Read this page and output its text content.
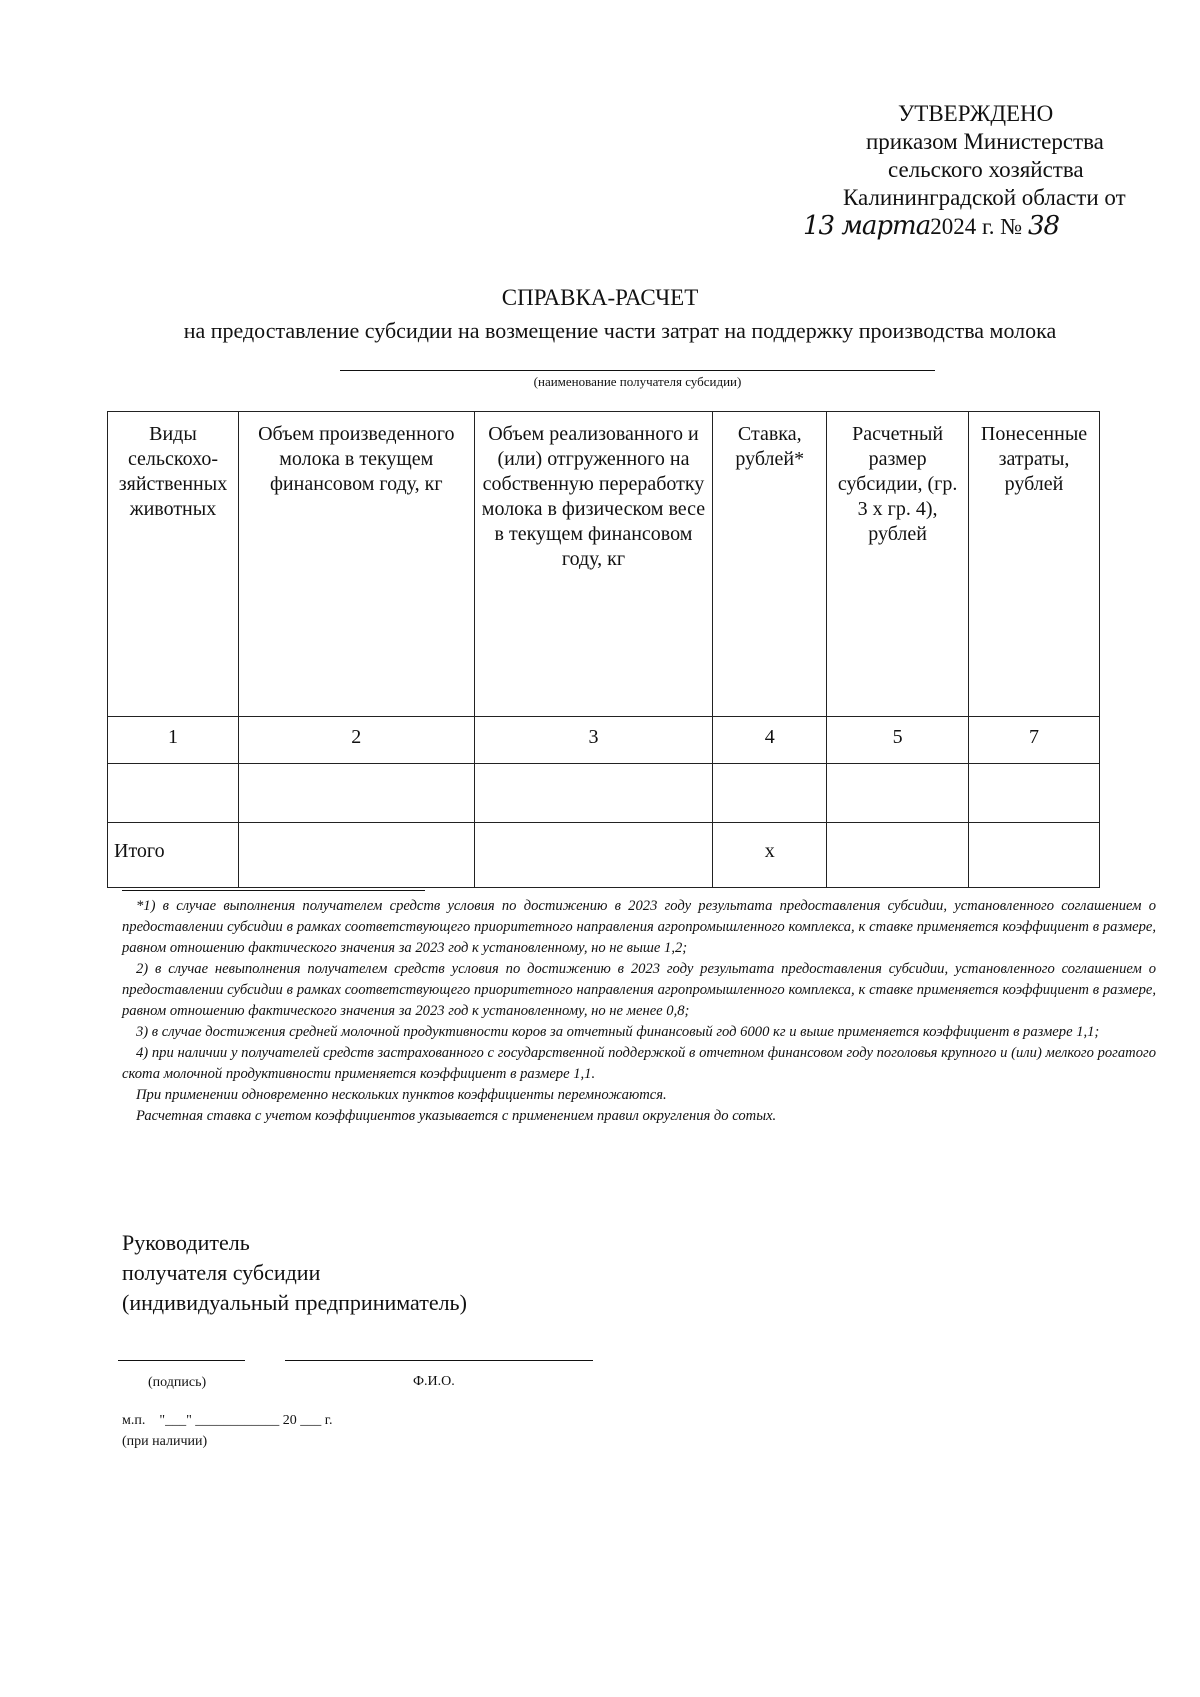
УТВЕРЖДЕНО
приказом Министерства
сельского хозяйства
Калининградской области от
13 марта2024 г. № 38
СПРАВКА-РАСЧЕТ
на предоставление субсидии на возмещение части затрат на поддержку производства молока
(наименование получателя субсидии)
Виды сельскохо-зяйственных животных	Объем произведенного молока в текущем финансовом году, кг	Объем реализованного и (или) отгруженного на собственную переработку молока в физическом весе в текущем финансовом году, кг	Ставка, рублей*	Расчетный размер субсидии, (гр. 3 х гр. 4), рублей	Понесенные затраты, рублей
1	2	3	4	5	7

Итого			х		

*1) в случае выполнения получателем средств условия по достижению в 2023 году результата предоставления субсидии, установленного соглашением о предоставлении субсидии в рамках соответствующего приоритетного направления агропромышленного комплекса, к ставке применяется коэффициент в размере, равном отношению фактического значения за 2023 год к установленному, но не выше 1,2;

2) в случае невыполнения получателем средств условия по достижению в 2023 году результата предоставления субсидии, установленного соглашением о предоставлении субсидии в рамках соответствующего приоритетного направления агропромышленного комплекса, к ставке применяется коэффициент в размере, равном отношению фактического значения за 2023 год к установленному, но не менее 0,8;

3) в случае достижения средней молочной продуктивности коров за отчетный финансовый год 6000 кг и выше применяется коэффициент в размере 1,1;

4) при наличии у получателей средств застрахованного с государственной поддержкой в отчетном финансовом году поголовья крупного и (или) мелкого рогатого скота молочной продуктивности применяется коэффициент в размере 1,1.

При применении одновременно нескольких пунктов коэффициенты перемножаются.

Расчетная ставка с учетом коэффициентов указывается с применением правил округления до сотых.

Руководитель
получателя субсидии
(индивидуальный предприниматель)
(подпись)	Ф.И.О.
м.п.    "___" ____________ 20 ___ г.
(при наличии)
